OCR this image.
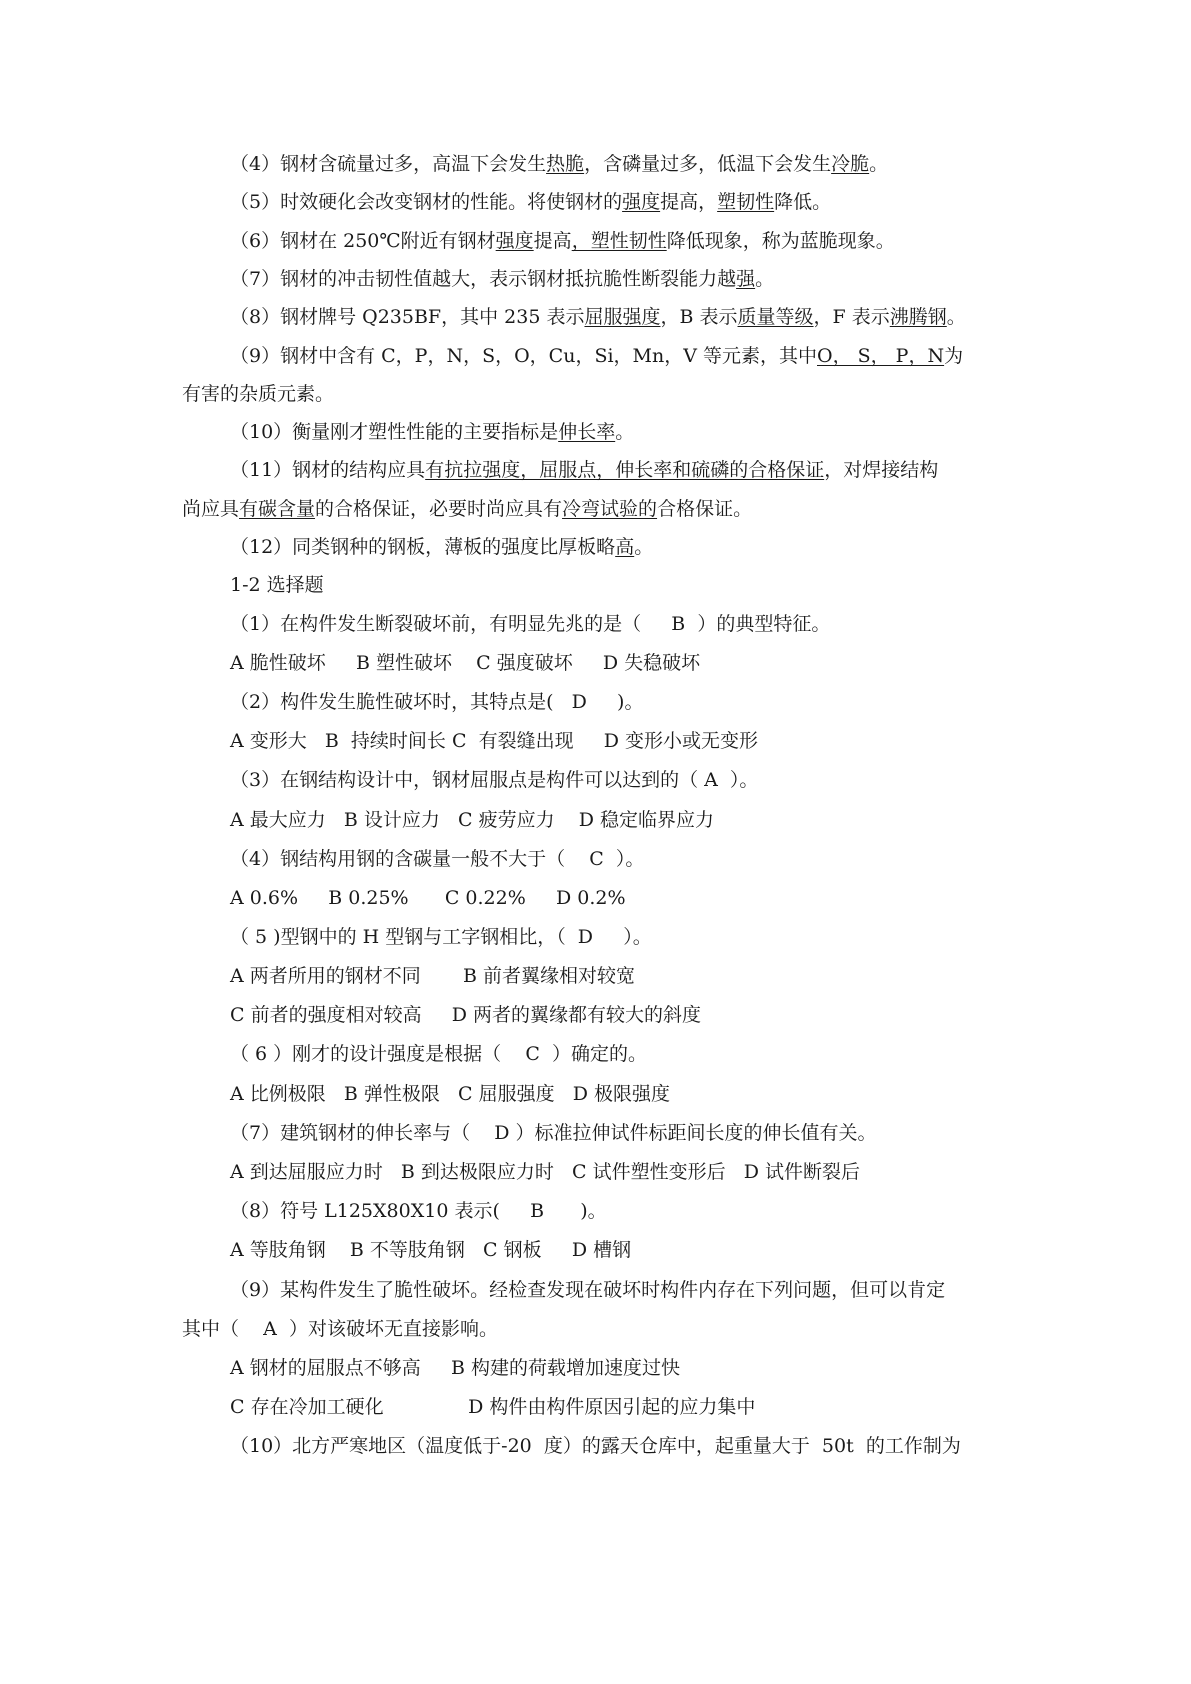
（4）钢材含硫量过多，高温下会发生热脆，含磷量过多，低温下会发生冷脆。
（5）时效硬化会改变钢材的性能。将使钢材的强度提高，塑韧性降低。
（6）钢材在 250℃附近有钢材强度提高，塑性韧性降低现象，称为蓝脆现象。
（7）钢材的冲击韧性值越大，表示钢材抵抗脆性断裂能力越强。
（8）钢材牌号 Q235BF，其中 235 表示屈服强度，B 表示质量等级，F 表示沸腾钢。
（9）钢材中含有 C，P，N，S，O，Cu，Si，Mn，V 等元素，其中O， S， P，N为
有害的杂质元素。
（10）衡量刚才塑性性能的主要指标是伸长率。
（11）钢材的结构应具有抗拉强度，屈服点，伸长率和硫磷的合格保证，对焊接结构
尚应具有碳含量的合格保证，必要时尚应具有冷弯试验的合格保证。
（12）同类钢种的钢板，薄板的强度比厚板略高。
1-2 选择题
（1）在构件发生断裂破坏前，有明显先兆的是（     B  ）的典型特征。
A 脆性破坏     B 塑性破坏    C 强度破坏     D 失稳破坏
（2）构件发生脆性破坏时，其特点是(   D     )。
A 变形大   B  持续时间长 C  有裂缝出现     D 变形小或无变形
（3）在钢结构设计中，钢材屈服点是构件可以达到的（ A  ）。
A 最大应力   B 设计应力   C 疲劳应力    D 稳定临界应力
（4）钢结构用钢的含碳量一般不大于（    C  ）。
A 0.6%     B 0.25%      C 0.22%     D 0.2%
（ 5 )型钢中的 H 型钢与工字钢相比，（  D     ）。
A 两者所用的钢材不同       B 前者翼缘相对较宽
C 前者的强度相对较高     D 两者的翼缘都有较大的斜度
（ 6 ）刚才的设计强度是根据（    C  ）确定的。
A 比例极限   B 弹性极限   C 屈服强度   D 极限强度
（7）建筑钢材的伸长率与（    D ）标准拉伸试件标距间长度的伸长值有关。
A 到达屈服应力时   B 到达极限应力时   C 试件塑性变形后   D 试件断裂后
（8）符号 L125X80X10 表示(     B      )。
A 等肢角钢    B 不等肢角钢   C 钢板     D 槽钢
（9）某构件发生了脆性破坏。经检查发现在破坏时构件内存在下列问题，但可以肯定
其中（    A  ）对该破坏无直接影响。
A 钢材的屈服点不够高     B 构建的荷载增加速度过快
C 存在冷加工硬化              D 构件由构件原因引起的应力集中
（10）北方严寒地区（温度低于-20  度）的露天仓库中，起重量大于  50t  的工作制为
